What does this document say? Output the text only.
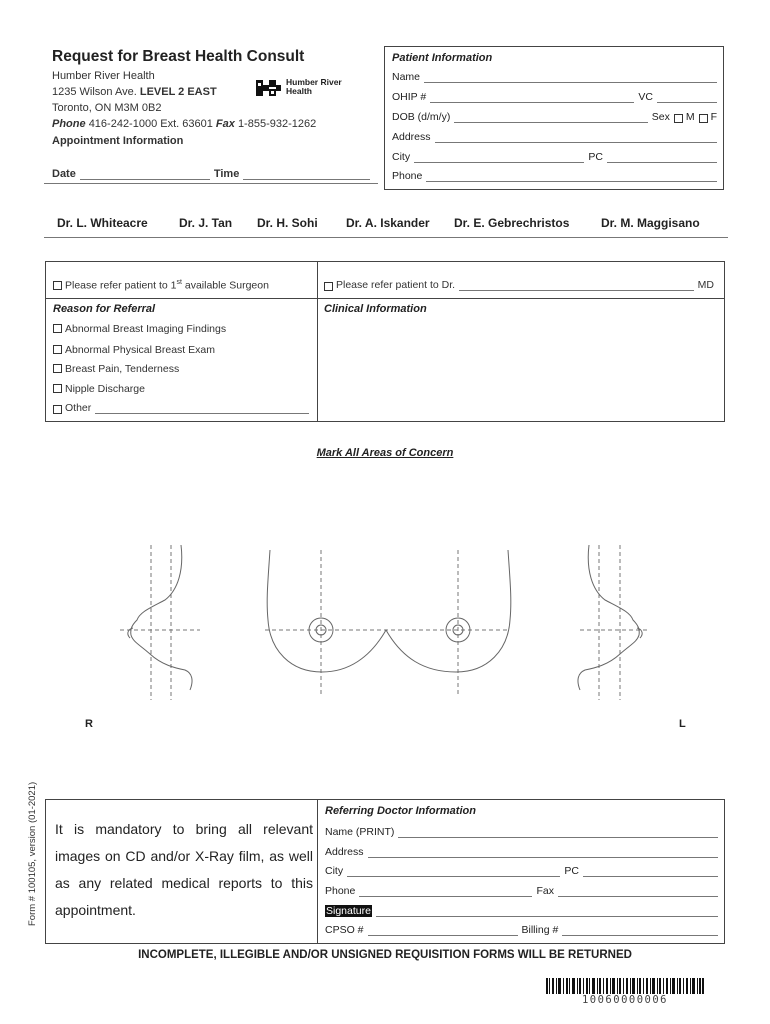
Request for Breast Health Consult
Humber River Health
1235 Wilson Ave. LEVEL 2 EAST
Toronto, ON M3M 0B2
Phone 416-242-1000 Ext. 63601 Fax 1-855-932-1262
Humber River
Health
Appointment Information
Date	Time
Patient Information
Name
OHIP #	VC
DOB (d/m/y)	Sex M F
Address
City	PC
Phone
Dr. L. Whiteacre	Dr. J. Tan Dr. H. Sohi Dr. A. Iskander Dr. E. Gebrechristos	Dr. M. Maggisano
Please refer patient to 1st available Surgeon	Please refer patient to Dr.	MD
Reason for Referral	Clinical Information
Abnormal Breast Imaging Findings
Abnormal Physical Breast Exam
Breast Pain, Tenderness
Nipple Discharge
Other
Mark All Areas of Concern
R	L
Form # 100105, version (01-2021) It is mandatory to bring all relevant images on CD and/or X-Ray film, as well as any related medical reports to this appointment.
Referring Doctor Information
Name (PRINT)
Address
City	PC
Phone	Fax
Signature
CPSO #	Billing #
INCOMPLETE, ILLEGIBLE AND/OR UNSIGNED REQUISITION FORMS WILL BE RETURNED
10060000006
